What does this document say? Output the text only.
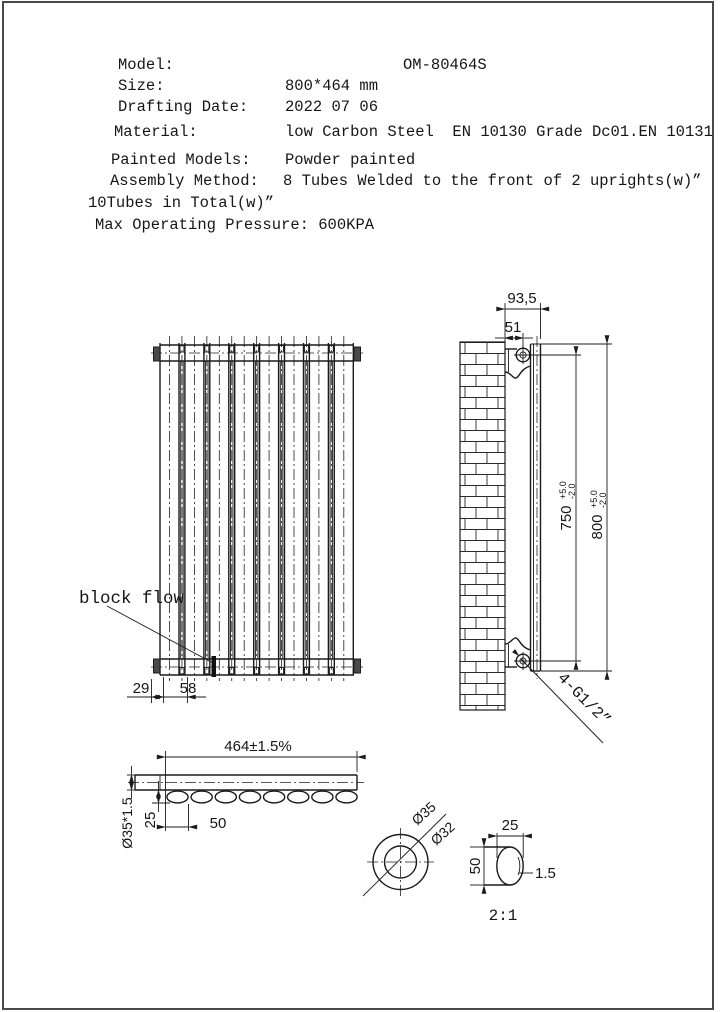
Model:	OM-80464S
Size:	800*464 mm
Drafting Date: 2022 07 06
Material:	low Carbon Steel  EN 10130 Grade Dc01.EN 10131
Painted Models: Powder painted
Assembly Method: 8 Tubes Welded to the front of 2 uprights(w)”
10Tubes in Total(w)”
Max Operating Pressure: 600KPA
block flow
29 58
93,5
51
750
+5.0 -2.0
800
+5.0 -2.0
4-G1/2”
464±1.5%
Ø35*1.5 25	50	Ø35
Ø32	25
50	1.5
2:1
